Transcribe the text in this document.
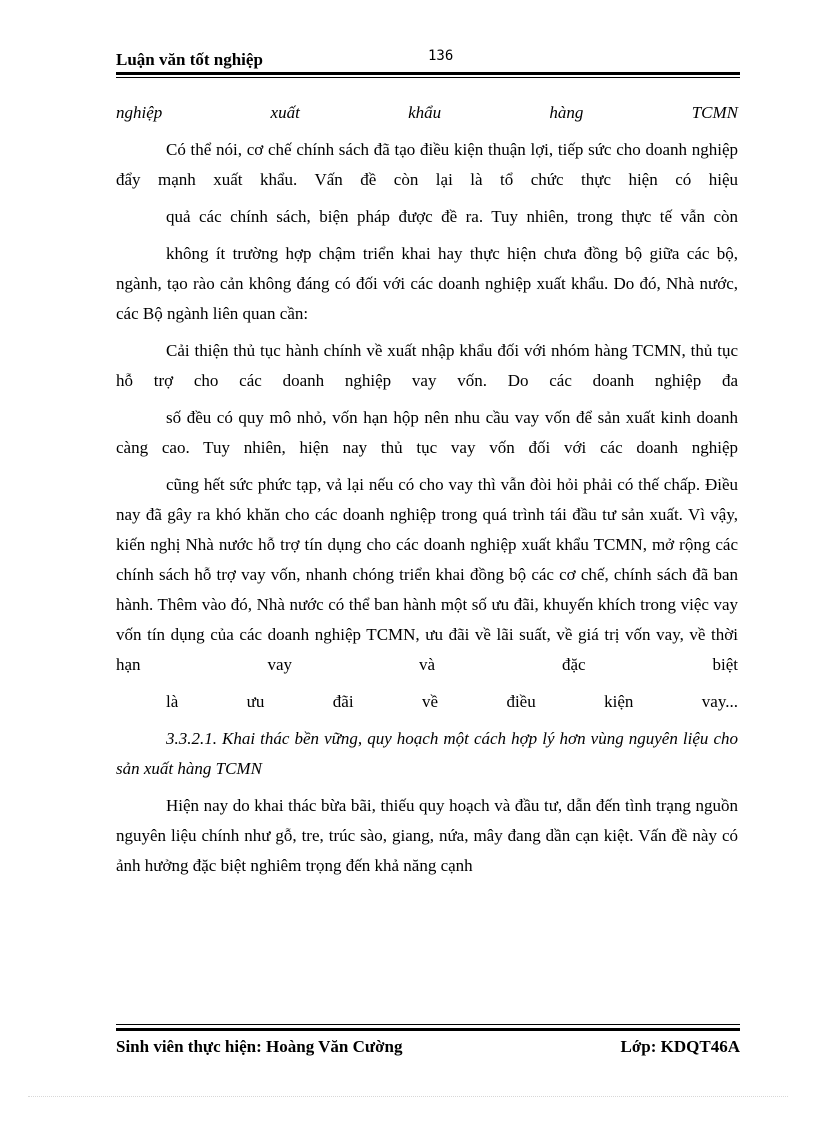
Luận văn tốt nghiệp	136

nghiệp xuất khẩu hàng TCMN

Có thể nói, cơ chế chính sách đã tạo điều kiện thuận lợi, tiếp sức cho doanh nghiệp đẩy mạnh xuất khẩu. Vấn đề còn lại là tổ chức thực hiện có hiệu

quả các chính sách, biện pháp được đề ra. Tuy nhiên, trong thực tế vẫn còn

không ít trường hợp chậm triển khai hay thực hiện chưa đồng bộ giữa các bộ, ngành, tạo rào cản không đáng có đối với các doanh nghiệp xuất khẩu. Do đó, Nhà nước, các Bộ ngành liên quan cần:

Cải thiện thủ tục hành chính về xuất nhập khẩu đối với nhóm hàng TCMN, thủ tục hỗ trợ cho các doanh nghiệp vay vốn. Do các doanh nghiệp đa

số đều có quy mô nhỏ, vốn hạn hộp nên nhu cầu vay vốn để sản xuất kinh doanh càng cao. Tuy nhiên, hiện nay thủ tục vay vốn đối với các doanh nghiệp

cũng hết sức phức tạp, vả lại nếu có cho vay thì vẫn đòi hỏi phải có thế chấp. Điều nay đã gây ra khó khăn cho các doanh nghiệp trong quá trình tái đầu tư sản xuất. Vì vậy, kiến nghị Nhà nước hỗ trợ tín dụng cho các doanh nghiệp xuất khẩu TCMN, mở rộng các chính sách hỗ trợ vay vốn, nhanh chóng triển khai đồng bộ các cơ chế, chính sách đã ban hành. Thêm vào đó, Nhà nước có thể ban hành một số ưu đãi, khuyến khích trong việc vay vốn tín dụng của các doanh nghiệp TCMN, ưu đãi về lãi suất, về giá trị vốn vay, về thời hạn vay và đặc biệt

là ưu đãi về điều kiện vay...

3.3.2.1. Khai thác bền vững, quy hoạch một cách hợp lý hơn vùng nguyên liệu cho sản xuất hàng TCMN

Hiện nay do khai thác bừa bãi, thiếu quy hoạch và đầu tư, dẫn đến tình trạng nguồn nguyên liệu chính như gỗ, tre, trúc sào, giang, nứa, mây đang dần cạn kiệt. Vấn đề này có ảnh hưởng đặc biệt nghiêm trọng đến khả năng cạnh

Sinh viên thực hiện: Hoàng Văn Cường	Lớp: KDQT46A
